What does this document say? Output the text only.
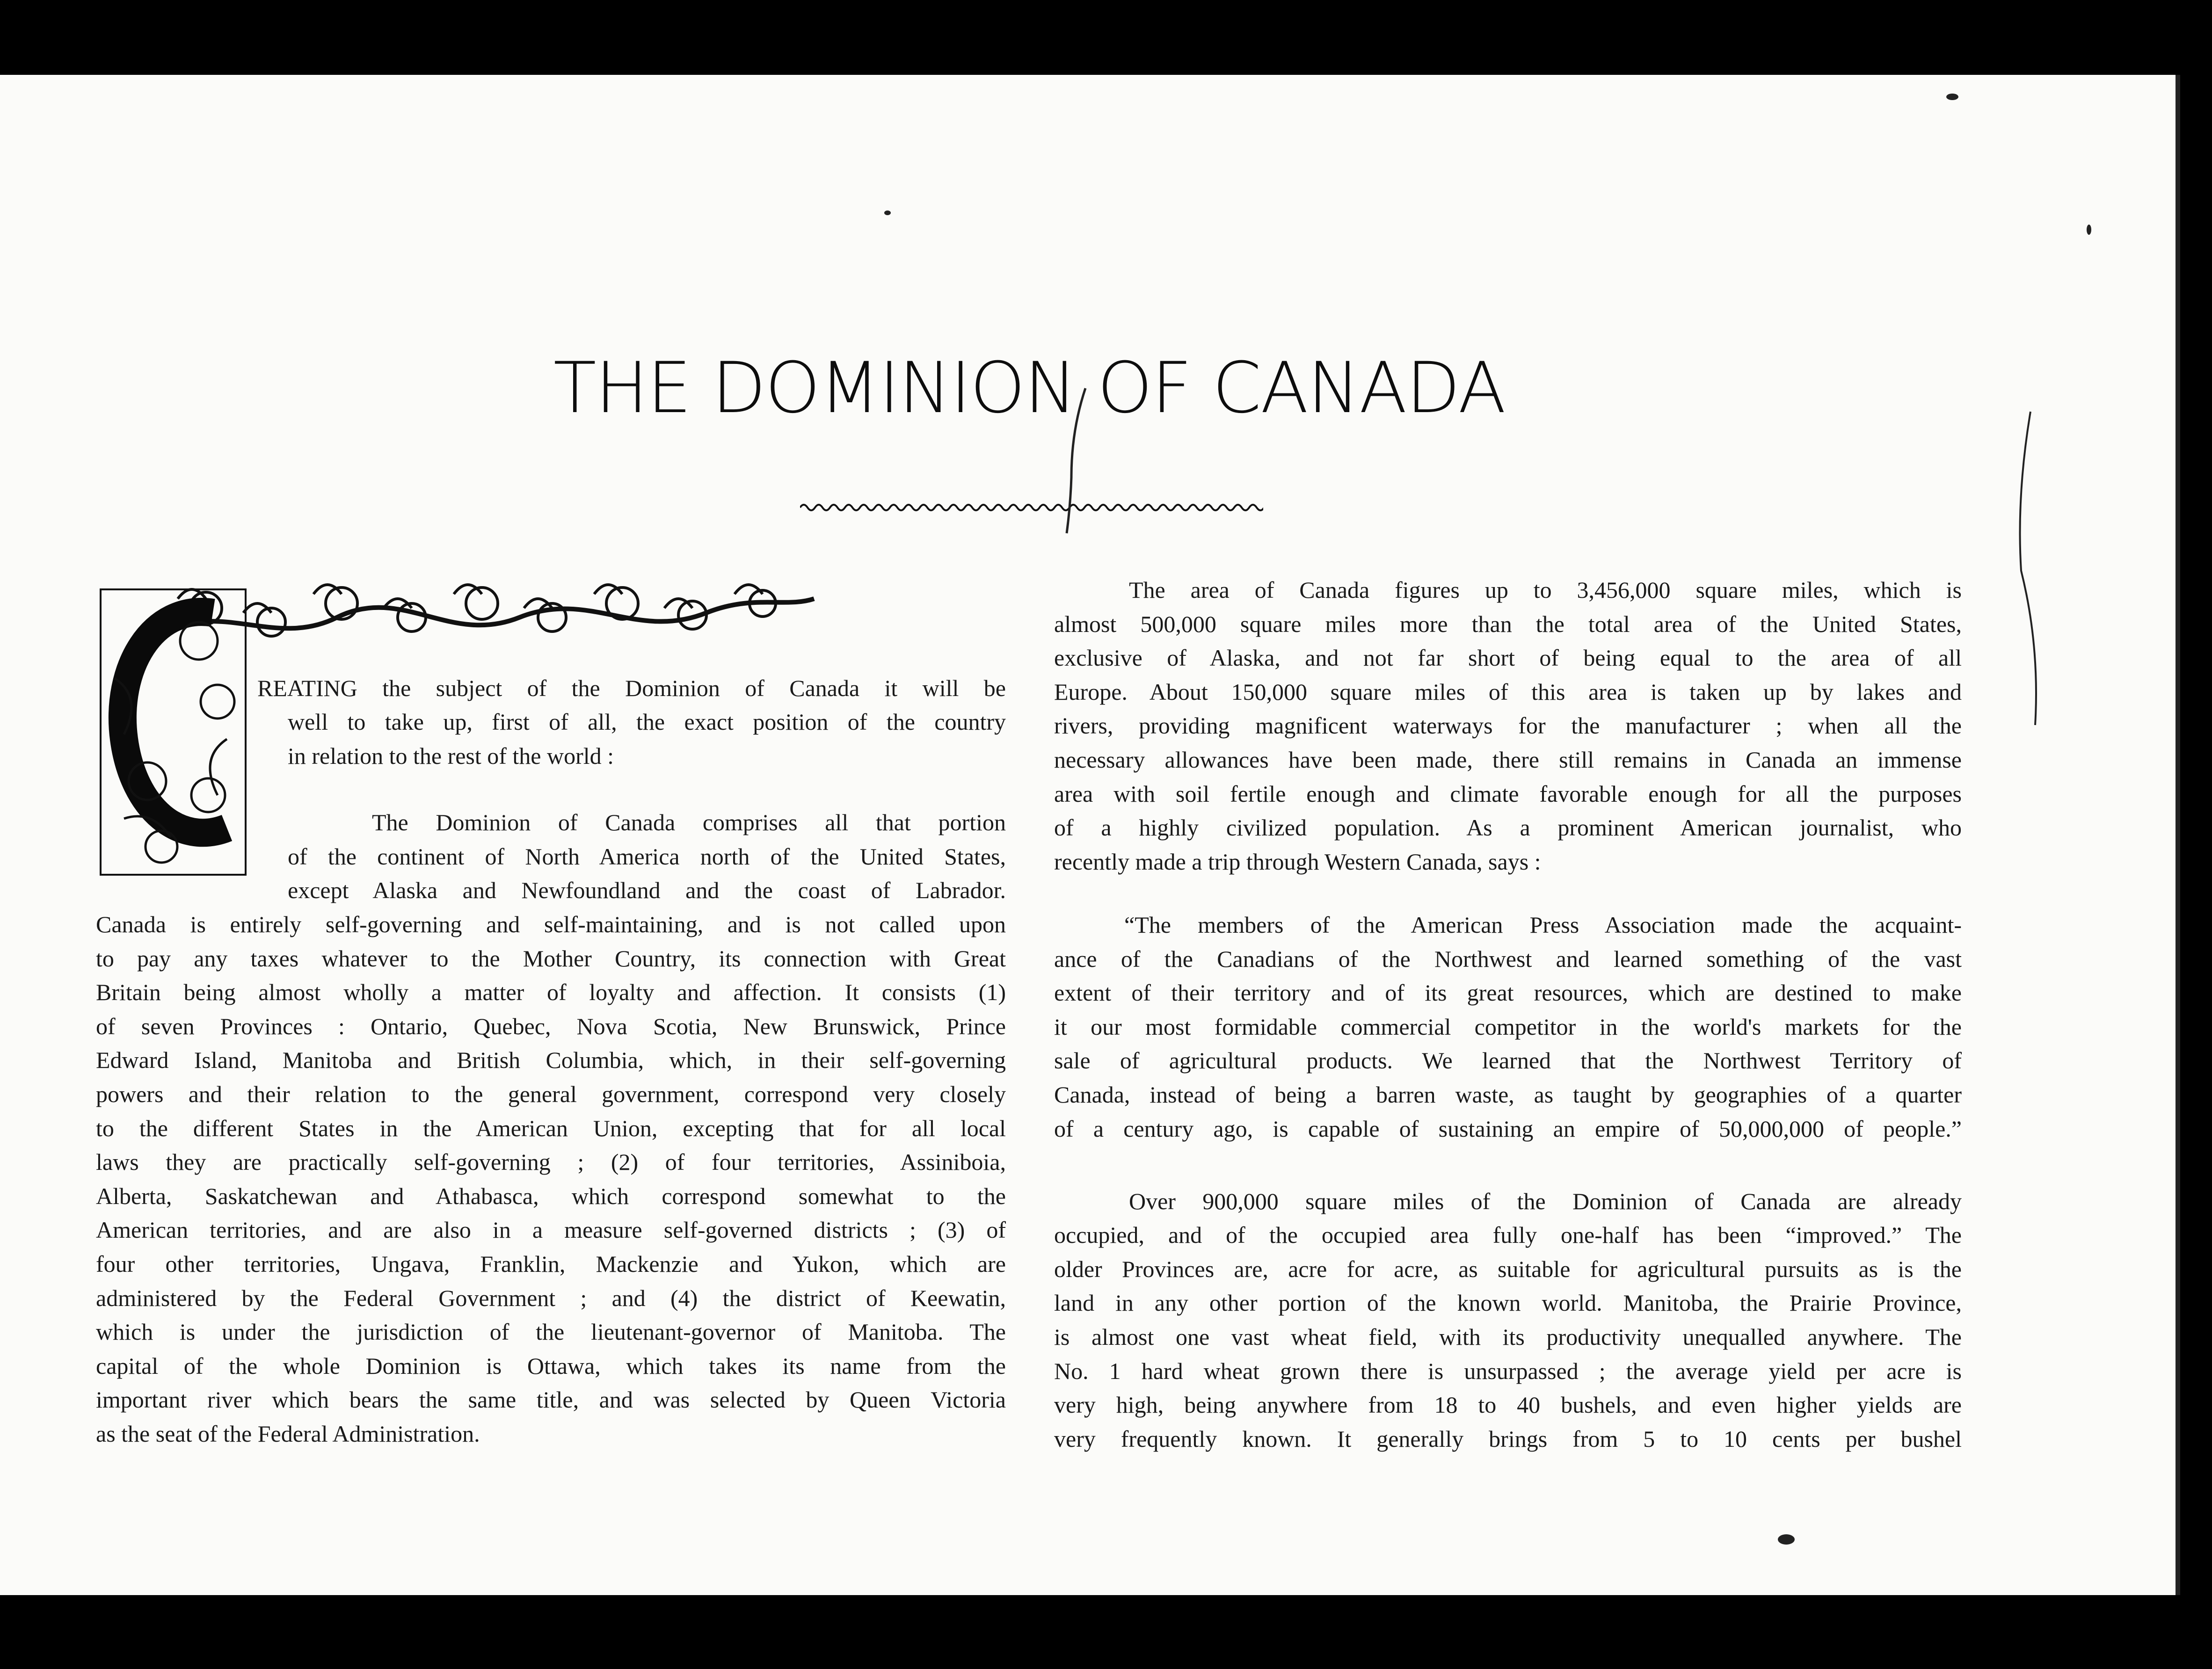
THE DOMINION OF CANADA

REATING the subject of the Dominion of Canada it will be

well to take up, first of all, the exact position of the country

in relation to the rest of the world :

The Dominion of Canada comprises all that portion

of the continent of North America north of the United States,

except Alaska and Newfoundland and the coast of Labrador.

Canada is entirely self-governing and self-maintaining, and is not called upon

to pay any taxes whatever to the Mother Country, its connection with Great

Britain being almost wholly a matter of loyalty and affection. It consists (1)

of seven Provinces : Ontario, Quebec, Nova Scotia, New Brunswick, Prince

Edward Island, Manitoba and British Columbia, which, in their self-governing

powers and their relation to the general government, correspond very closely

to the different States in the American Union, excepting that for all local

laws they are practically self-governing ; (2) of four territories, Assiniboia,

Alberta, Saskatchewan and Athabasca, which correspond somewhat to the

American territories, and are also in a measure self-governed districts ; (3) of

four other territories, Ungava, Franklin, Mackenzie and Yukon, which are

administered by the Federal Government ; and (4) the district of Keewatin,

which is under the jurisdiction of the lieutenant-governor of Manitoba. The

capital of the whole Dominion is Ottawa, which takes its name from the

important river which bears the same title, and was selected by Queen Victoria

as the seat of the Federal Administration.

The area of Canada figures up to 3,456,000 square miles, which is

almost 500,000 square miles more than the total area of the United States,

exclusive of Alaska, and not far short of being equal to the area of all

Europe. About 150,000 square miles of this area is taken up by lakes and

rivers, providing magnificent waterways for the manufacturer ; when all the

necessary allowances have been made, there still remains in Canada an immense

area with soil fertile enough and climate favorable enough for all the purposes

of a highly civilized population. As a prominent American journalist, who

recently made a trip through Western Canada, says :

“The members of the American Press Association made the acquaint-

ance of the Canadians of the Northwest and learned something of the vast

extent of their territory and of its great resources, which are destined to make

it our most formidable commercial competitor in the world's markets for the

sale of agricultural products. We learned that the Northwest Territory of

Canada, instead of being a barren waste, as taught by geographies of a quarter

of a century ago, is capable of sustaining an empire of 50,000,000 of people.”

Over 900,000 square miles of the Dominion of Canada are already

occupied, and of the occupied area fully one-half has been “improved.” The

older Provinces are, acre for acre, as suitable for agricultural pursuits as is the

land in any other portion of the known world. Manitoba, the Prairie Province,

is almost one vast wheat field, with its productivity unequalled anywhere. The

No. 1 hard wheat grown there is unsurpassed ; the average yield per acre is

very high, being anywhere from 18 to 40 bushels, and even higher yields are

very frequently known. It generally brings from 5 to 10 cents per bushel
